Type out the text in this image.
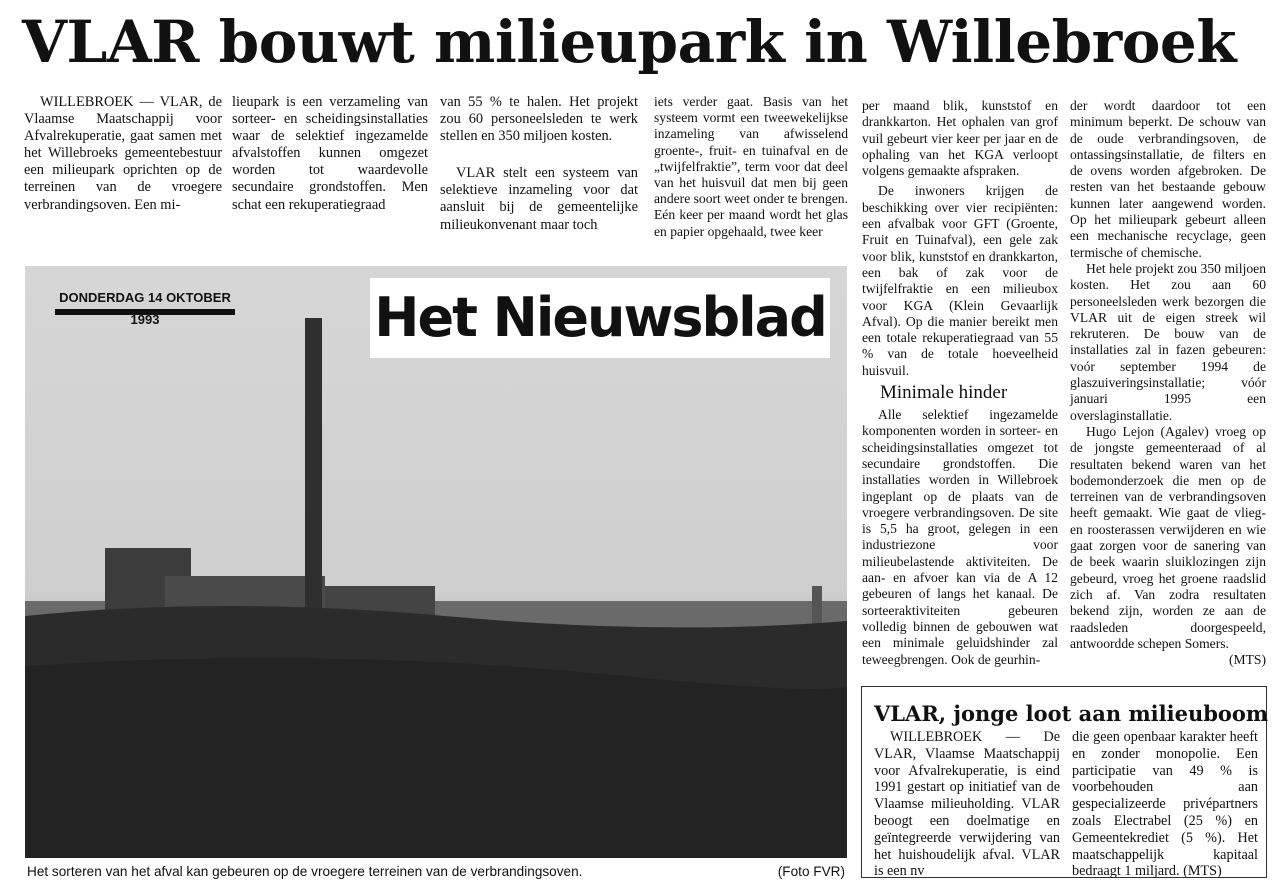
VLAR bouwt milieupark in Willebroek

WILLEBROEK — VLAR, de Vlaamse Maatschappij voor Afvalrekuperatie, gaat samen met het Willebroeks gemeentebestuur een milieupark oprichten op de terreinen van de vroegere verbrandingsoven. Een mi-

lieupark is een verzameling van sorteer- en scheidingsinstallaties waar de selektief ingezamelde afvalstoffen kunnen omgezet worden tot waardevolle secundaire grondstoffen. Men schat een rekuperatiegraad

van 55 % te halen. Het projekt zou 60 personeelsleden te werk stellen en 350 miljoen kosten.

VLAR stelt een systeem van selektieve inzameling voor dat aansluit bij de gemeentelijke milieukonvenant maar toch

iets verder gaat. Basis van het systeem vormt een tweewekelijkse inzameling van afwisselend groente-, fruit- en tuinafval en de „twijfelfraktie”, term voor dat deel van het huisvuil dat men bij geen andere soort weet onder te brengen. Eén keer per maand wordt het glas en papier opgehaald, twee keer

per maand blik, kunststof en drankkarton. Het ophalen van grof vuil gebeurt vier keer per jaar en de ophaling van het KGA verloopt volgens gemaakte afspraken.

De inwoners krijgen de beschikking over vier recipiënten: een afvalbak voor GFT (Groente, Fruit en Tuinafval), een gele zak voor blik, kunststof en drankkarton, een bak of zak voor de twijfelfraktie en een milieubox voor KGA (Klein Gevaarlijk Afval). Op die manier bereikt men een totale rekuperatiegraad van 55 % van de totale hoeveelheid huisvuil.

Minimale hinder

Alle selektief ingezamelde komponenten worden in sorteer- en scheidingsinstallaties omgezet tot secundaire grondstoffen. Die installaties worden in Willebroek ingeplant op de plaats van de vroegere verbrandingsoven. De site is 5,5 ha groot, gelegen in een industriezone voor milieubelastende aktiviteiten. De aan- en afvoer kan via de A 12 gebeuren of langs het kanaal. De sorteeraktiviteiten gebeuren volledig binnen de gebouwen wat een minimale geluidshinder zal teweegbrengen. Ook de geurhin-

der wordt daardoor tot een minimum beperkt. De schouw van de oude verbrandingsoven, de ontassingsinstallatie, de filters en de ovens worden afgebroken. De resten van het bestaande gebouw kunnen later aangewend worden. Op het milieupark gebeurt alleen een mechanische recyclage, geen termische of chemische.

Het hele projekt zou 350 miljoen kosten. Het zou aan 60 personeelsleden werk bezorgen die VLAR uit de eigen streek wil rekruteren. De bouw van de installaties zal in fazen gebeuren: voór september 1994 de glaszuiveringsinstallatie; vóór januari 1995 een overslaginstallatie.

Hugo Lejon (Agalev) vroeg op de jongste gemeenteraad of al resultaten bekend waren van het bodemonderzoek die men op de terreinen van de verbrandingsoven heeft gemaakt. Wie gaat de vlieg- en roosterassen verwijderen en wie gaat zorgen voor de sanering van de beek waarin sluiklozingen zijn gebeurd, vroeg het groene raadslid zich af. Van zodra resultaten bekend zijn, worden ze aan de raadsleden doorgespeeld, antwoordde schepen Somers.

(MTS)

DONDERDAG 14 OKTOBER 1993	Het Nieuwsblad
Het sorteren van het afval kan gebeuren op de vroegere terreinen van de verbrandingsoven.	(Foto FVR)
VLAR, jonge loot aan milieuboom
WILLEBROEK — De VLAR, Vlaamse Maatschappij voor Afvalrekuperatie, is eind 1991 gestart op initiatief van de Vlaamse milieuholding. VLAR beoogt een doelmatige en geïntegreerde verwijdering van het huishoudelijk afval. VLAR is een nv
die geen openbaar karakter heeft en zonder monopolie. Een participatie van 49 % is voorbehouden aan gespecializeerde privépartners zoals Electrabel (25 %) en Gemeentekrediet (5 %). Het maatschappelijk kapitaal bedraagt 1 miljard. (MTS)
